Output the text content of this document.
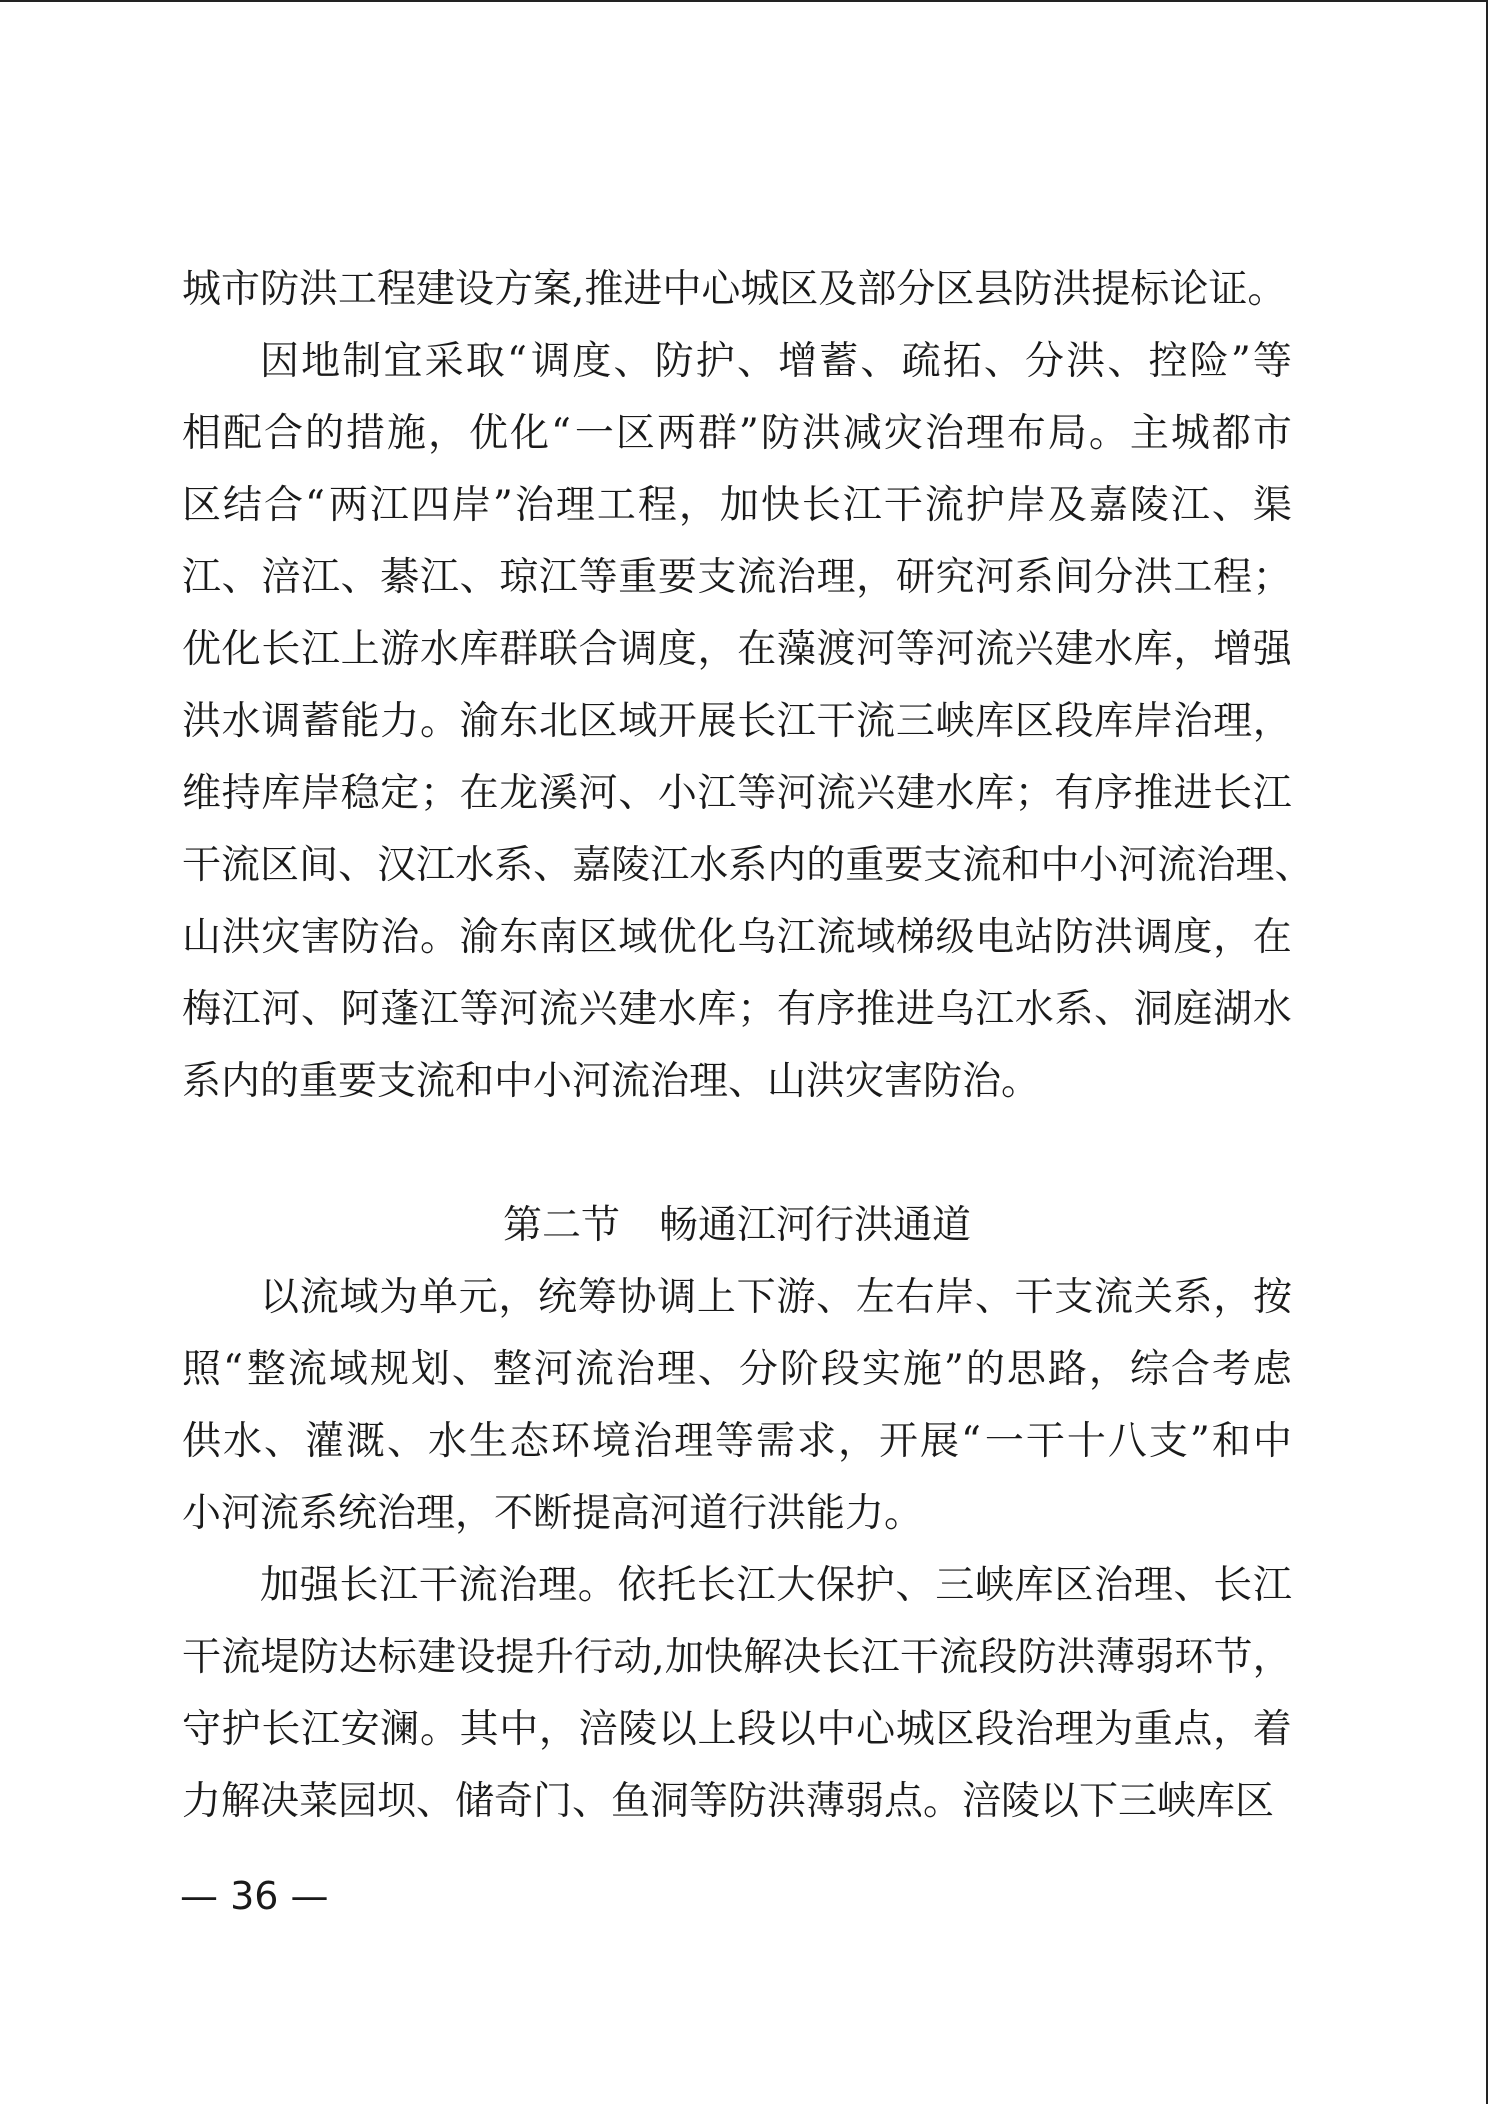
城市防洪工程建设方案,推进中心城区及部分区县防洪提标论证。
因 地 制 宜 采 取 “ 调 度 、 防 护 、 增 蓄 、 疏 拓 、 分 洪 、 控 险 ” 等
相 配 合 的 措 施 ， 优 化 “ 一 区 两 群 ” 防 洪 减 灾 治 理 布 局 。 主 城 都 市
区 结 合 “ 两 江 四 岸 ” 治 理 工 程 ， 加 快 长 江 干 流 护 岸 及 嘉 陵 江 、 渠
江 、 涪 江 、 綦 江 、 琼 江 等 重 要 支 流 治 理 ， 研 究 河 系 间 分 洪 工 程 ；
优 化 长 江 上 游 水 库 群 联 合 调 度 ， 在 藻 渡 河 等 河 流 兴 建 水 库 ， 增 强
洪 水 调 蓄 能 力 。 渝 东 北 区 域 开 展 长 江 干 流 三 峡 库 区 段 库 岸 治 理 ，
维 持 库 岸 稳 定 ； 在 龙 溪 河 、 小 江 等 河 流 兴 建 水 库 ； 有 序 推 进 长 江
干 流 区 间 、 汉 江 水 系 、 嘉 陵 江 水 系 内 的 重 要 支 流 和 中 小 河 流 治 理 、
山 洪 灾 害 防 治 。 渝 东 南 区 域 优 化 乌 江 流 域 梯 级 电 站 防 洪 调 度 ， 在
梅 江 河 、 阿 蓬 江 等 河 流 兴 建 水 库 ； 有 序 推 进 乌 江 水 系 、 洞 庭 湖 水
系内的重要支流和中小河流治理、山洪灾害防治。
第二节　畅通江河行洪通道
以 流 域 为 单 元 ， 统 筹 协 调 上 下 游 、 左 右 岸 、 干 支 流 关 系 ， 按
照 “ 整 流 域 规 划 、 整 河 流 治 理 、 分 阶 段 实 施 ” 的 思 路 ， 综 合 考 虑
供 水 、 灌 溉 、 水 生 态 环 境 治 理 等 需 求 ， 开 展 “ 一 干 十 八 支 ” 和 中
小河流系统治理，不断提高河道行洪能力。
加 强 长 江 干 流 治 理 。 依 托 长 江 大 保 护 、 三 峡 库 区 治 理 、 长 江
干 流 堤 防 达 标 建 设 提 升 行 动 , 加 快 解 决 长 江 干 流 段 防 洪 薄 弱 环 节 ，
守 护 长 江 安 澜 。 其 中 ， 涪 陵 以 上 段 以 中 心 城 区 段 治 理 为 重 点 ， 着
力解决菜园坝、储奇门、鱼洞等防洪薄弱点。涪陵以下三峡库区
— 36 —
